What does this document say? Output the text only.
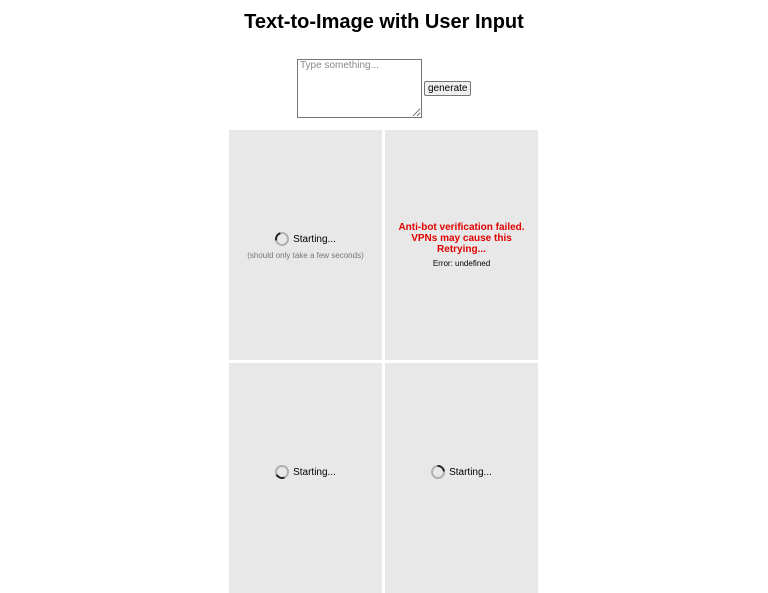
Text-to-Image with User Input
Type something...
generate
Starting...
(should only take a few seconds)
Anti-bot verification failed.
VPNs may cause this
Retrying...
Error: undefined
Starting...	Starting...
